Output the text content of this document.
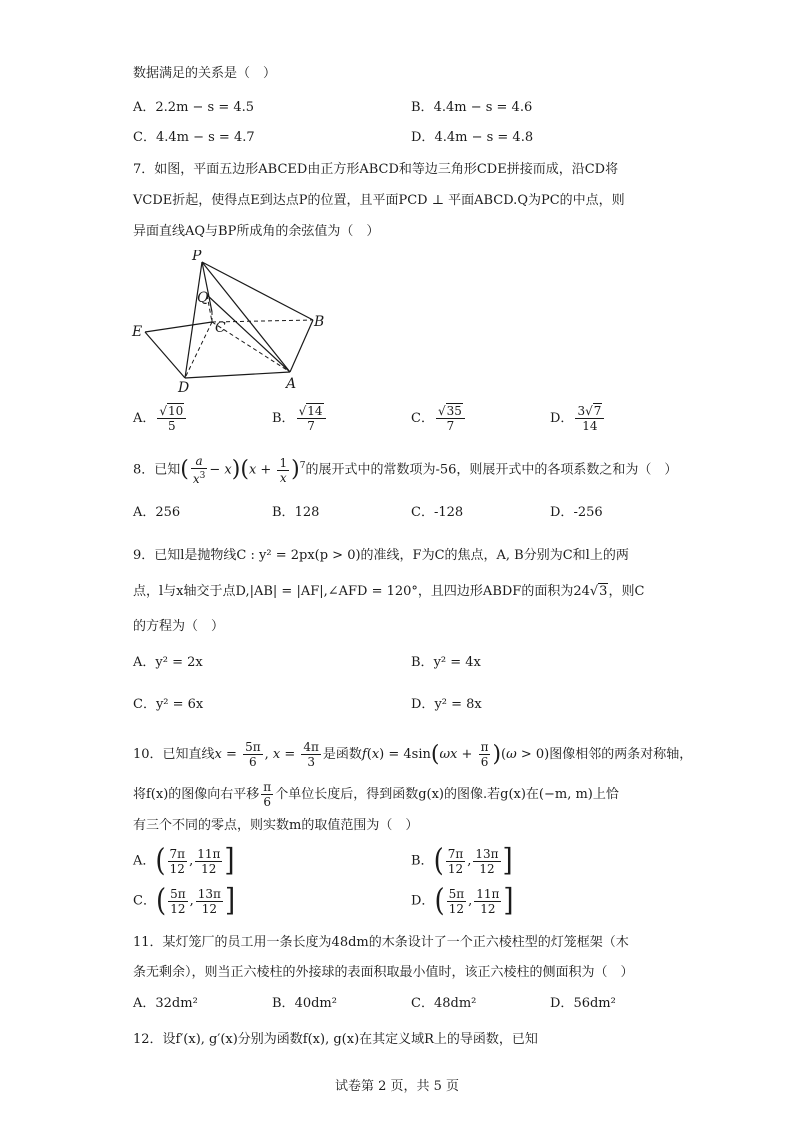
数据满足的关系是（　）
A．2.2m − s = 4.5	B．4.4m − s = 4.6
C．4.4m − s = 4.7	D．4.4m − s = 4.8
7．如图，平面五边形ABCED由正方形ABCD和等边三角形CDE拼接而成，沿CD将
VCDE折起，使得点E到达点P的位置，且平面PCD ⊥ 平面ABCD.Q为PC的中点，则
异面直线AQ与BP所成角的余弦值为（　）
P
Q
C	B
E
D	A
A． $\frac{√10}{5}$	B． $\frac{√14}{7}$	C． $\frac{√35}{7}$	D． $\frac{3√7}{14}$
8．已知( $\frac{a}{x^3} - x)(x + \frac{1}{x} )^7$的展开式中的常数项为-56，则展开式中的各项系数之和为（　）
A．256	B．128	C．-128	D．-256
9．已知l是抛物线C : y² = 2px(p > 0)的准线，F为C的焦点，A, B分别为C和l上的两
点，l与x轴交于点D,|AB| = |AF|,∠AFD = 120°，且四边形ABDF的面积为24√3，则C
的方程为（　）
A．y² = 2x	B．y² = 4x
C．y² = 6x	D．y² = 8x
10．已知直线$x = \frac{5\pi}{6}$ , $x = \frac{4\pi}{3}$ 是函数$f(x) = 4\sin(\omega x + \frac{\pi}{6} )(\omega > 0)$图像相邻的两条对称轴，
将f(x)的图像向右平移 $\frac{\pi}{6}$ 个单位长度后，得到函数g(x)的图像.若g(x)在(−m, m)上恰
有三个不同的零点，则实数m的取值范围为（　）
A．( $\frac{7\pi}{12}$ , $\frac{11\pi}{12}$ ]	B．( $\frac{7\pi}{12}$ , $\frac{13\pi}{12}$ ]
C．( $\frac{5\pi}{12}$ , $\frac{13\pi}{12}$ ]	D．( $\frac{5\pi}{12}$ , $\frac{11\pi}{12}$ ]
11．某灯笼厂的员工用一条长度为48dm的木条设计了一个正六棱柱型的灯笼框架（木
条无剩余），则当正六棱柱的外接球的表面积取最小值时，该正六棱柱的侧面积为（　）
A．32dm²	B．40dm²	C．48dm²	D．56dm²
12．设f′(x), g′(x)分别为函数f(x), g(x)在其定义域R上的导函数，已知
试卷第 2 页，共 5 页
